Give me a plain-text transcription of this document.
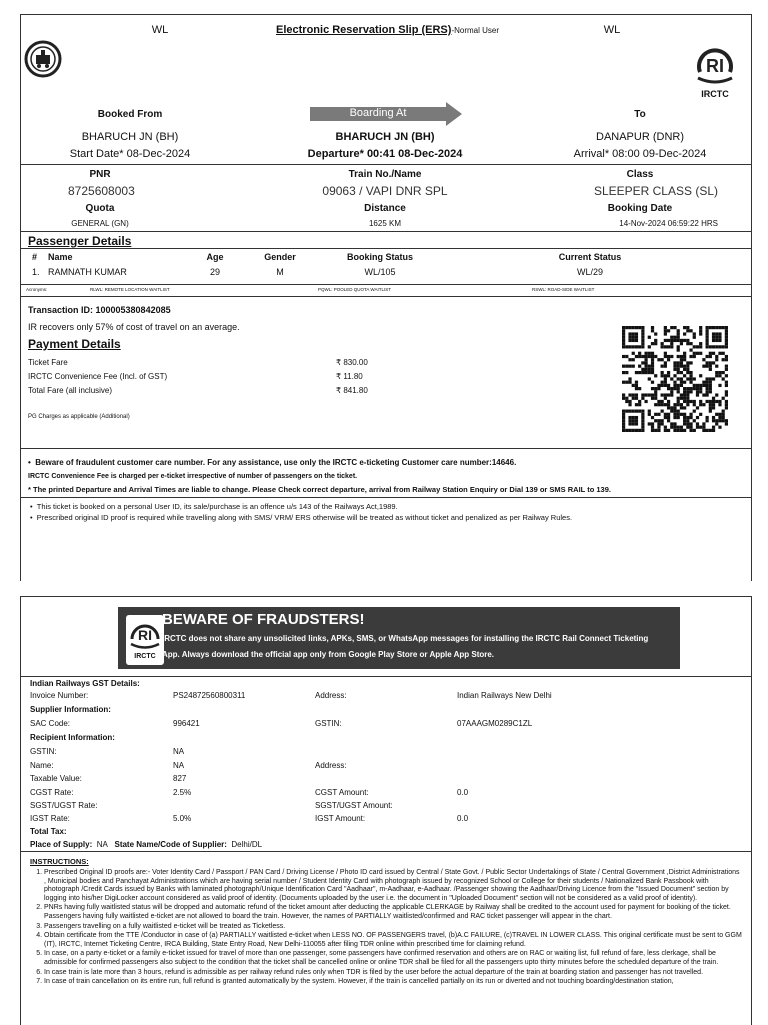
WL	WL
Electronic Reservation Slip (ERS)-Normal User
RI
IRCTC
Booked From	Boarding At	To
BHARUCH JN (BH)	BHARUCH JN (BH)	DANAPUR (DNR)
Start Date* 08-Dec-2024	Departure* 00:41 08-Dec-2024	Arrival* 08:00 09-Dec-2024
PNR	Train No./Name	Class
8725608003	09063 / VAPI DNR SPL	SLEEPER CLASS (SL)
Quota	Distance	Booking Date
GENERAL (GN)	1625 KM	14-Nov-2024 06:59:22 HRS
Passenger Details
# Name	Age	Gender	Booking Status	Current Status
1. RAMNATH KUMAR	29	M	WL/105	WL/29
Acronyms:	RLWL: REMOTE LOCATION WAITLIST	PQWL: POOLED QUOTA WAITLIST	RSWL: ROAD-SIDE WAITLIST
Transaction ID: 100005380842085
IR recovers only 57% of cost of travel on an average.
Payment Details
Ticket Fare	₹ 830.00
IRCTC Convenience Fee (Incl. of GST)	₹ 11.80
Total Fare (all inclusive)	₹ 841.80
PG Charges as applicable (Additional)
•  Beware of fraudulent customer care number. For any assistance, use only the IRCTC e-ticketing Customer care number:14646.
IRCTC Convenience Fee is charged per e-ticket irrespective of number of passengers on the ticket.
* The printed Departure and Arrival Times are liable to change. Please Check correct departure, arrival from Railway Station Enquiry or Dial 139 or SMS RAIL to 139.
•  This ticket is booked on a personal User ID, its sale/purchase is an offence u/s 143 of the Railways Act,1989.
•  Prescribed original ID proof is required while travelling along with SMS/ VRM/ ERS otherwise will be treated as without ticket and penalized as per Railway Rules.
RI
IRCTC
BEWARE OF FRAUDSTERS!
IRCTC does not share any unsolicited links, APKs, SMS, or WhatsApp messages for installing the IRCTC Rail Connect Ticketing
App. Always download the official app only from Google Play Store or Apple App Store.
Indian Railways GST Details:
Invoice Number:	PS24872560800311	Address:	Indian Railways New Delhi
Supplier Information:
SAC Code:	996421	GSTIN:	07AAAGM0289C1ZL
Recipient Information:
GSTIN:	NA
Name:	NA	Address:
Taxable Value:	827
CGST Rate:	2.5%	CGST Amount:	0.0
SGST/UGST Rate:	SGST/UGST Amount:
IGST Rate:	5.0%	IGST Amount:	0.0
Total Tax:
Place of Supply: NA State Name/Code of Supplier: Delhi/DL
INSTRUCTIONS:
1. Prescribed Original ID proofs are:- Voter Identity Card / Passport / PAN Card / Driving License / Photo ID card issued by Central / State Govt. / Public Sector Undertakings of State / Central Government ,District Administrations , Municipal bodies and Panchayat Administrations which are having serial number / Student Identity Card with photograph issued by recognized School or College for their students / Nationalized Bank Passbook with photograph /Credit Cards issued by Banks with laminated photograph/Unique Identification Card "Aadhaar", m-Aadhaar, e-Aadhaar. /Passenger showing the Aadhaar/Driving Licence from the "Issued Document" section by logging into his/her DigiLocker account considered as valid proof of identity. (Documents uploaded by the user i.e. the document in "Uploaded Document" section will not be considered as a valid proof of identity).
2. PNRs having fully waitlisted status will be dropped and automatic refund of the ticket amount after deducting the applicable CLERKAGE by Railway shall be credited to the account used for payment for booking of the ticket. Passengers having fully waitlisted e-ticket are not allowed to board the train. However, the names of PARTIALLY waitlisted/confirmed and RAC ticket passenger will appear in the chart.
3. Passengers travelling on a fully waitlisted e-ticket will be treated as Ticketless.
4. Obtain certificate from the TTE /Conductor in case of (a) PARTIALLY waitlisted e-ticket when LESS NO. OF PASSENGERS travel, (b)A.C FAILURE, (c)TRAVEL IN LOWER CLASS. This original certificate must be sent to GGM (IT), IRCTC, Internet Ticketing Centre, IRCA Building, State Entry Road, New Delhi-110055 after filing TDR online within prescribed time for claiming refund.
5. In case, on a party e-ticket or a family e-ticket issued for travel of more than one passenger, some passengers have confirmed reservation and others are on RAC or waiting list, full refund of fare, less clerkage, shall be admissible for confirmed passengers also subject to the condition that the ticket shall be cancelled online or online TDR shall be filed for all the passengers upto thirty minutes before the scheduled departure of the train.
6. In case train is late more than 3 hours, refund is admissible as per railway refund rules only when TDR is filed by the user before the actual departure of the train at boarding station and passenger has not travelled.
7. In case of train cancellation on its entire run, full refund is granted automatically by the system. However, if the train is cancelled partially on its run or diverted and not touching boarding/destination station,
